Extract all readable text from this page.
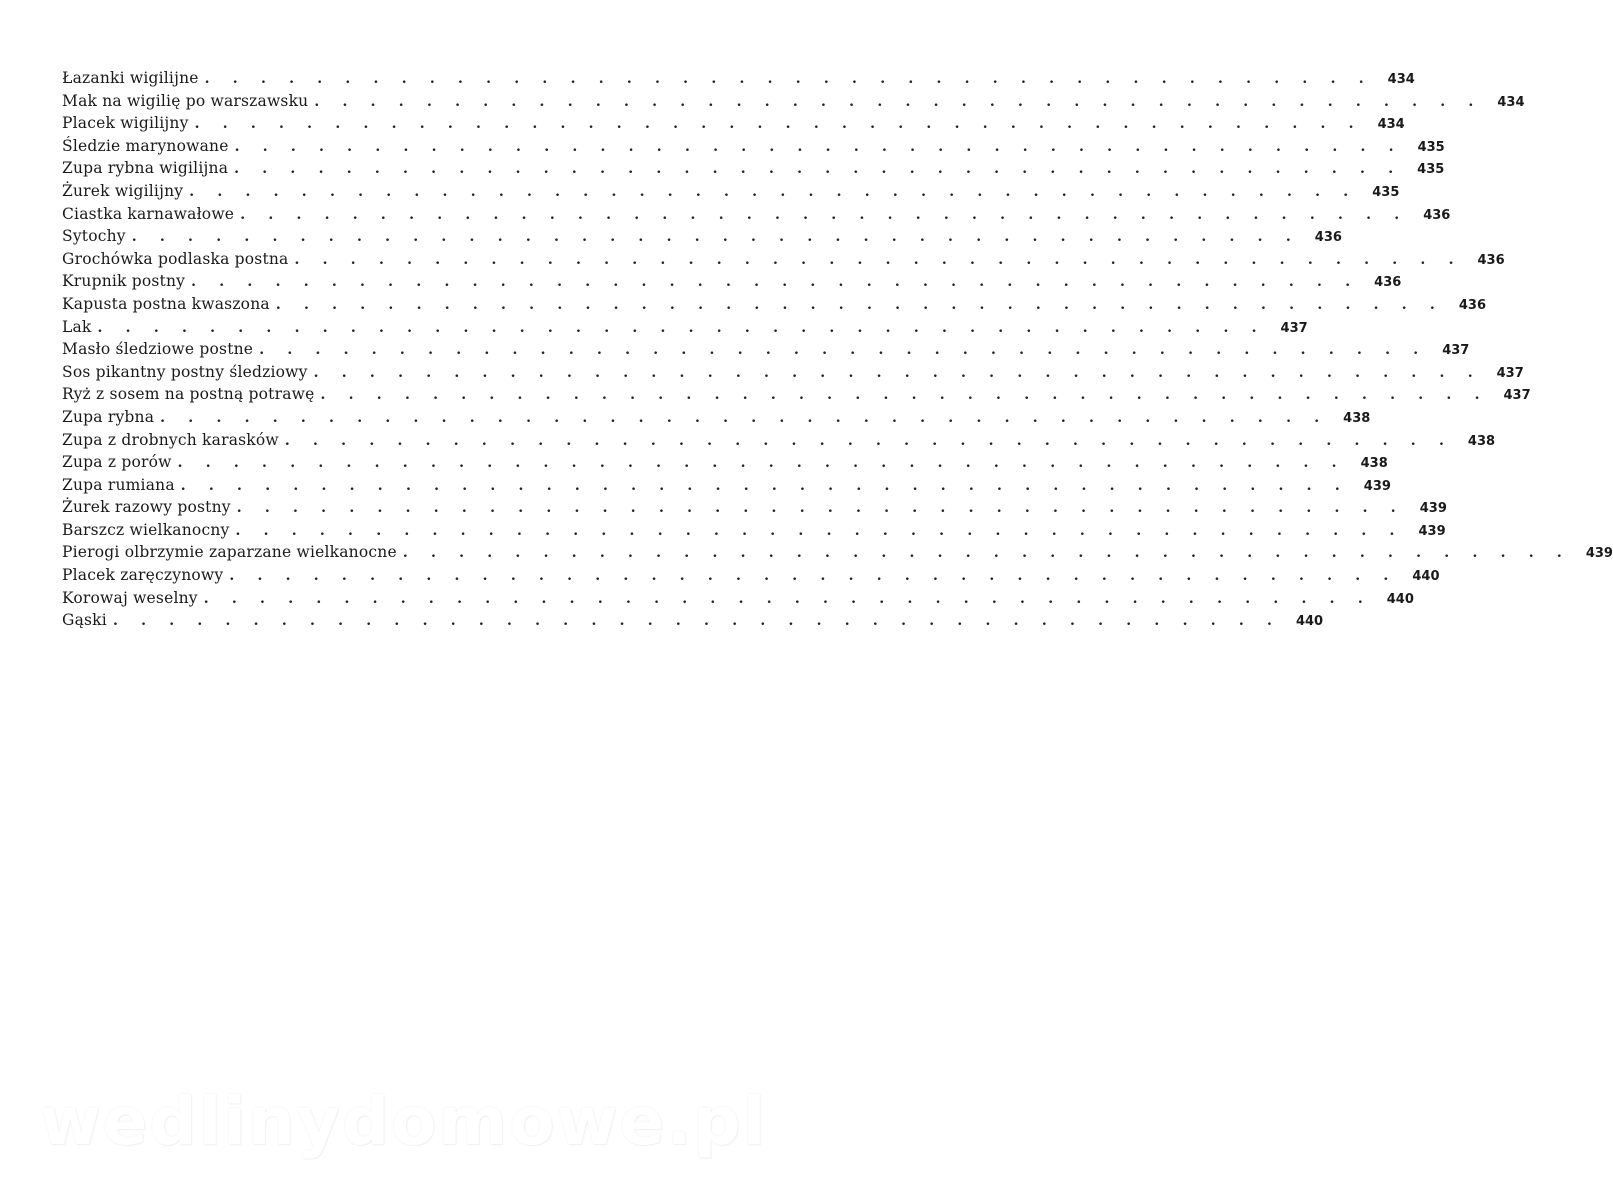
Łazanki wigilijne . . . . . . . . . . . . . . . . . . . . . . . . . . . . . . . . . . . . . . . . . .	434
Mak na wigilię po warszawsku . . . . . . . . . . . . . . . . . . . . . . . . . . . . . . . . . . . . . . . . . .	434
Placek wigilijny . . . . . . . . . . . . . . . . . . . . . . . . . . . . . . . . . . . . . . . . . .	434
Śledzie marynowane . . . . . . . . . . . . . . . . . . . . . . . . . . . . . . . . . . . . . . . . . .	435
Zupa rybna wigilijna . . . . . . . . . . . . . . . . . . . . . . . . . . . . . . . . . . . . . . . . . .	435
Żurek wigilijny . . . . . . . . . . . . . . . . . . . . . . . . . . . . . . . . . . . . . . . . . .	435
Ciastka karnawałowe . . . . . . . . . . . . . . . . . . . . . . . . . . . . . . . . . . . . . . . . . .	436
Sytochy . . . . . . . . . . . . . . . . . . . . . . . . . . . . . . . . . . . . . . . . . .	436
Grochówka podlaska postna . . . . . . . . . . . . . . . . . . . . . . . . . . . . . . . . . . . . . . . . . .	436
Krupnik postny . . . . . . . . . . . . . . . . . . . . . . . . . . . . . . . . . . . . . . . . . .	436
Kapusta postna kwaszona . . . . . . . . . . . . . . . . . . . . . . . . . . . . . . . . . . . . . . . . . .	436
Lak . . . . . . . . . . . . . . . . . . . . . . . . . . . . . . . . . . . . . . . . . .	437
Masło śledziowe postne . . . . . . . . . . . . . . . . . . . . . . . . . . . . . . . . . . . . . . . . . .	437
Sos pikantny postny śledziowy . . . . . . . . . . . . . . . . . . . . . . . . . . . . . . . . . . . . . . . . . .	437
Ryż z sosem na postną potrawę . . . . . . . . . . . . . . . . . . . . . . . . . . . . . . . . . . . . . . . . . .	437
Zupa rybna . . . . . . . . . . . . . . . . . . . . . . . . . . . . . . . . . . . . . . . . . .	438
Zupa z drobnych karasków . . . . . . . . . . . . . . . . . . . . . . . . . . . . . . . . . . . . . . . . . .	438
Zupa z porów . . . . . . . . . . . . . . . . . . . . . . . . . . . . . . . . . . . . . . . . . .	438
Zupa rumiana . . . . . . . . . . . . . . . . . . . . . . . . . . . . . . . . . . . . . . . . . .	439
Żurek razowy postny . . . . . . . . . . . . . . . . . . . . . . . . . . . . . . . . . . . . . . . . . .	439
Barszcz wielkanocny . . . . . . . . . . . . . . . . . . . . . . . . . . . . . . . . . . . . . . . . . .	439
Pierogi olbrzymie zaparzane wielkanocne . . . . . . . . . . . . . . . . . . . . . . . . . . . . . . . . . . . . . . . . . .	439
Placek zaręczynowy . . . . . . . . . . . . . . . . . . . . . . . . . . . . . . . . . . . . . . . . . .	440
Korowaj weselny . . . . . . . . . . . . . . . . . . . . . . . . . . . . . . . . . . . . . . . . . .	440
Gąski . . . . . . . . . . . . . . . . . . . . . . . . . . . . . . . . . . . . . . . . . .	440
wedlinydomowe.pl
